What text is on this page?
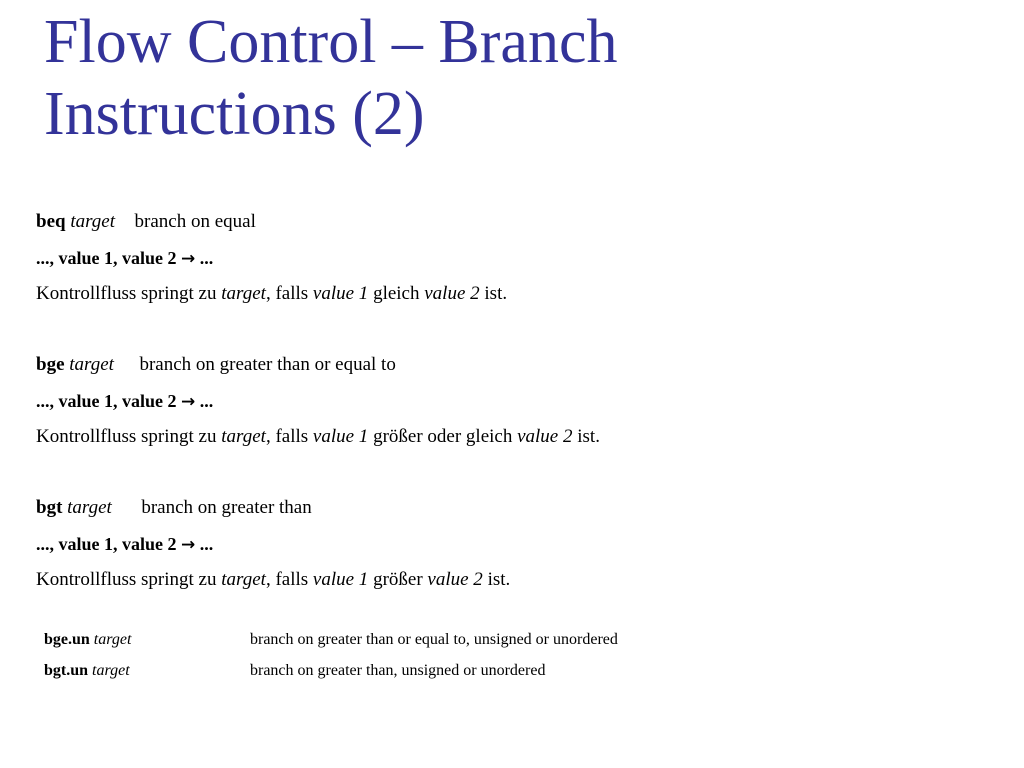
Flow Control – Branch
Instructions (2)
beq target branch on equal
..., value 1, value 2 → ...
Kontrollfluss springt zu target, falls value 1 gleich value 2 ist.
bge target branch on greater than or equal to
..., value 1, value 2 → ...
Kontrollfluss springt zu target, falls value 1 größer oder gleich value 2 ist.
bgt target branch on greater than
..., value 1, value 2 → ...
Kontrollfluss springt zu target, falls value 1 größer value 2 ist.
bge.un target	branch on greater than or equal to, unsigned or unordered
bgt.un target	branch on greater than, unsigned or unordered
